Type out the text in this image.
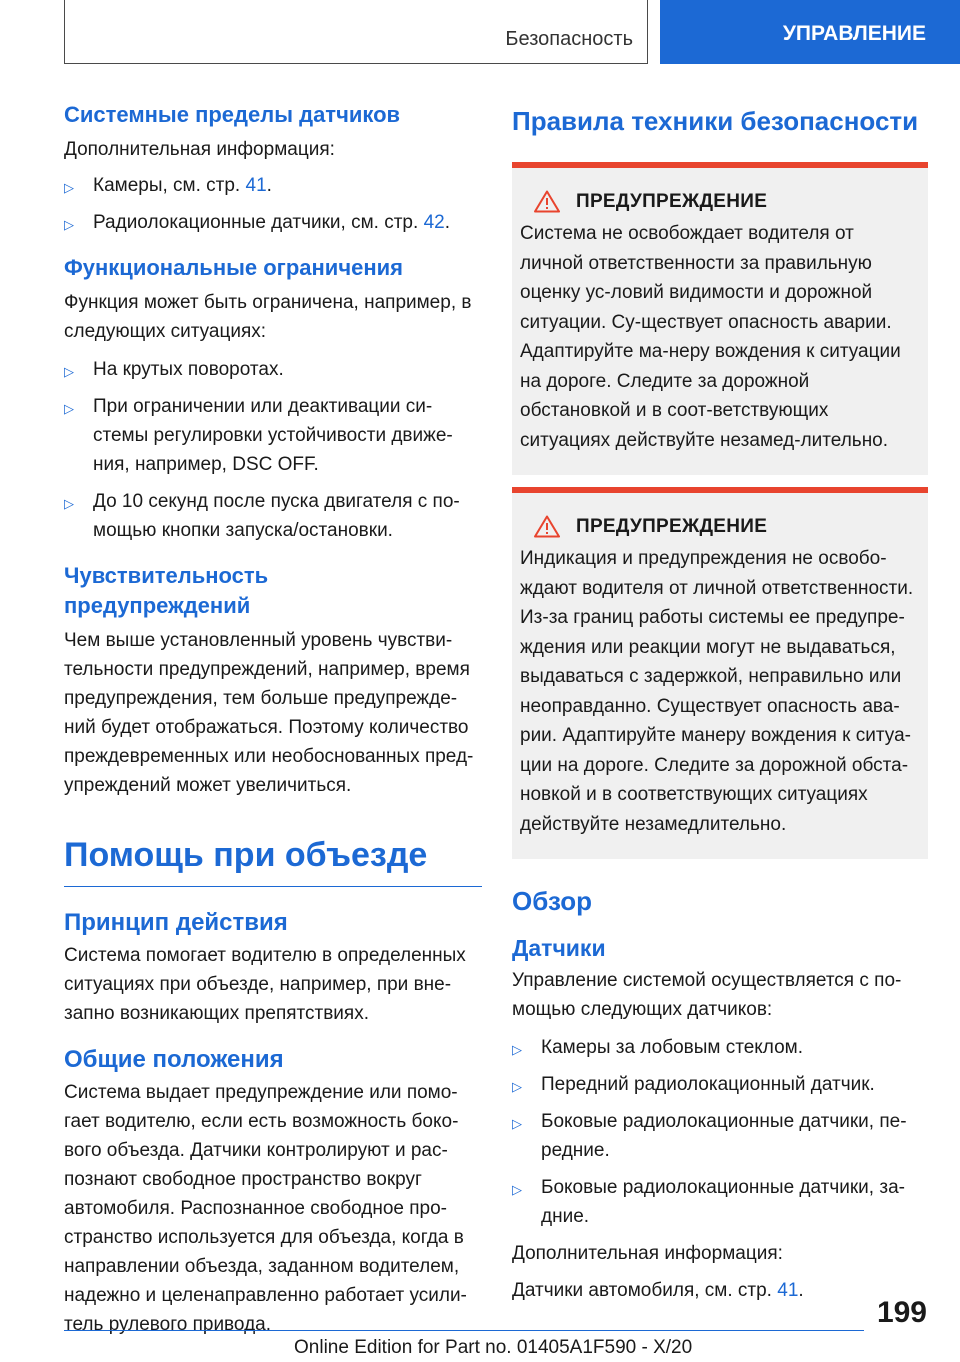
Безопасность	УПРАВЛЕНИЕ
Системные пределы датчиков

Дополнительная информация:

▷	Камеры, см. стр. 41.
▷	Радиолокационные датчики, см. стр. 42.
Функциональные ограничения

Функция может быть ограничена, например, в следующих ситуациях:

▷	На крутых поворотах.
▷	При ограничении или деактивации си-стемы регулировки устойчивости движе-ния, например, DSC OFF.
▷	До 10 секунд после пуска двигателя с по-мощью кнопки запуска/остановки.
Чувствительность
предупреждений

Чем выше установленный уровень чувстви-тельности предупреждений, например, время предупреждения, тем больше предупрежде-ний будет отображаться. Поэтому количество преждевременных или необоснованных пред-упреждений может увеличиться.

Помощь при объезде
Принцип действия

Система помогает водителю в определенных ситуациях при объезде, например, при вне-запно возникающих препятствиях.

Общие положения

Система выдает предупреждение или помо-гает водителю, если есть возможность боко-вого объезда. Датчики контролируют и рас-познают свободное пространство вокруг автомобиля. Распознанное свободное про-странство используется для объезда, когда в направлении объезда, заданном водителем, надежно и целенаправленно работает усили-тель рулевого привода.

Правила техники безопасности
ПРЕДУПРЕЖДЕНИЕ

Система не освобождает водителя от личной ответственности за правильную оценку ус-ловий видимости и дорожной ситуации. Су-ществует опасность аварии. Адаптируйте ма-неру вождения к ситуации на дороге. Следите за дорожной обстановкой и в соот-ветствующих ситуациях действуйте незамед-лительно.

ПРЕДУПРЕЖДЕНИЕ

Индикация и предупреждения не освобо-ждают водителя от личной ответственности. Из-за границ работы системы ее предупре-ждения или реакции могут не выдаваться, выдаваться с задержкой, неправильно или неоправданно. Существует опасность ава-рии. Адаптируйте манеру вождения к ситуа-ции на дороге. Следите за дорожной обста-новкой и в соответствующих ситуациях действуйте незамедлительно.

Обзор
Датчики

Управление системой осуществляется с по-мощью следующих датчиков:

▷	Камеры за лобовым стеклом.
▷	Передний радиолокационный датчик.
▷	Боковые радиолокационные датчики, пе-редние.
▷	Боковые радиолокационные датчики, за-дние.

Дополнительная информация:

Датчики автомобиля, см. стр. 41.

199
Online Edition for Part no. 01405A1F590 - X/20
